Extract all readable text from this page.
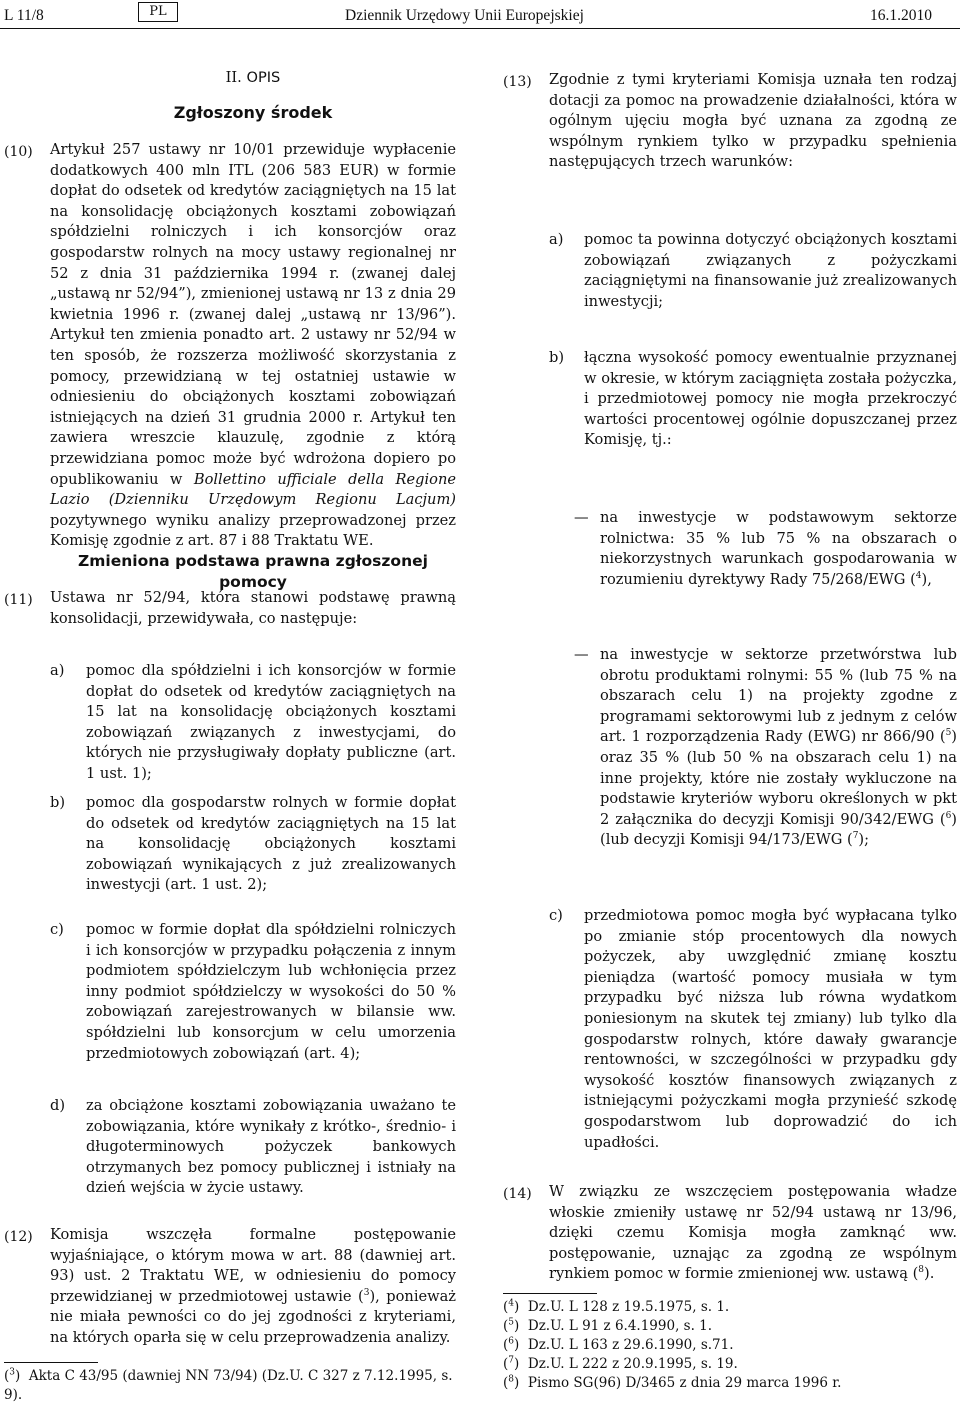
L 11/8	PL	Dziennik Urzędowy Unii Europejskiej	16.1.2010
II. OPIS
Zgłoszony środek
(10) Artykuł 257 ustawy nr 10/01 przewiduje wypłacenie dodatkowych 400 mln ITL (206 583 EUR) w formie dopłat do odsetek od kredytów zaciągniętych na 15 lat na konsolidację obciążonych kosztami zobowiązań spółdzielni rolniczych i ich konsorcjów oraz gospodarstw rolnych na mocy ustawy regionalnej nr 52 z dnia 31 października 1994 r. (zwanej dalej „ustawą nr 52/94”), zmienionej ustawą nr 13 z dnia 29 kwietnia 1996 r. (zwanej dalej „ustawą nr 13/96”). Artykuł ten zmienia ponadto art. 2 ustawy nr 52/94 w ten sposób, że rozszerza możliwość skorzystania z pomocy, przewidzianą w tej ostatniej ustawie w odniesieniu do obciążonych kosztami zobowiązań istniejących na dzień 31 grudnia 2000 r. Artykuł ten zawiera wreszcie klauzulę, zgodnie z którą przewidziana pomoc może być wdrożona dopiero po opublikowaniu w Bollettino ufficiale della Regione Lazio (Dzienniku Urzędowym Regionu Lacjum) pozytywnego wyniku analizy przeprowadzonej przez Komisję zgodnie z art. 87 i 88 Traktatu WE.
Zmieniona podstawa prawna zgłoszonej pomocy
(11) Ustawa nr 52/94, która stanowi podstawę prawną konsolidacji, przewidywała, co następuje:
a) pomoc dla spółdzielni i ich konsorcjów w formie dopłat do odsetek od kredytów zaciągniętych na 15 lat na konsolidację obciążonych kosztami zobowiązań związanych z inwestycjami, do których nie przysługiwały dopłaty publiczne (art. 1 ust. 1);
b) pomoc dla gospodarstw rolnych w formie dopłat do odsetek od kredytów zaciągniętych na 15 lat na konsolidację obciążonych kosztami zobowiązań wynikających z już zrealizowanych inwestycji (art. 1 ust. 2);
c) pomoc w formie dopłat dla spółdzielni rolniczych i ich konsorcjów w przypadku połączenia z innym podmiotem spółdzielczym lub wchłonięcia przez inny podmiot spółdzielczy w wysokości do 50 % zobowiązań zarejestrowanych w bilansie ww. spółdzielni lub konsorcjum w celu umorzenia przedmiotowych zobowiązań (art. 4);
d) za obciążone kosztami zobowiązania uważano te zobowiązania, które wynikały z krótko-, średnio- i długoterminowych pożyczek bankowych otrzymanych bez pomocy publicznej i istniały na dzień wejścia w życie ustawy.
(12) Komisja wszczęła formalne postępowanie wyjaśniające, o którym mowa w art. 88 (dawniej art. 93) ust. 2 Traktatu WE, w odniesieniu do pomocy przewidzianej w przedmiotowej ustawie ($^3$), ponieważ nie miała pewności co do jej zgodności z kryteriami, na których oparła się w celu przeprowadzenia analizy.
($^3$)  Akta C 43/95 (dawniej NN 73/94) (Dz.U. C 327 z 7.12.1995, s. 9).
(13) Zgodnie z tymi kryteriami Komisja uznała ten rodzaj dotacji za pomoc na prowadzenie działalności, która w ogólnym ujęciu mogła być uznana za zgodną ze wspólnym rynkiem tylko w przypadku spełnienia następujących trzech warunków:
a) pomoc ta powinna dotyczyć obciążonych kosztami zobowiązań związanych z pożyczkami zaciągniętymi na finansowanie już zrealizowanych inwestycji;
b) łączna wysokość pomocy ewentualnie przyznanej w okresie, w którym zaciągnięta została pożyczka, i przedmiotowej pomocy nie mogła przekroczyć wartości procentowej ogólnie dopuszczanej przez Komisję, tj.:
— na inwestycje w podstawowym sektorze rolnictwa: 35 % lub 75 % na obszarach o niekorzystnych warunkach gospodarowania w rozumieniu dyrektywy Rady 75/268/EWG ($^4$),
— na inwestycje w sektorze przetwórstwa lub obrotu produktami rolnymi: 55 % (lub 75 % na obszarach celu 1) na projekty zgodne z programami sektorowymi lub z jednym z celów art. 1 rozporządzenia Rady (EWG) nr 866/90 ($^5$) oraz 35 % (lub 50 % na obszarach celu 1) na inne projekty, które nie zostały wykluczone na podstawie kryteriów wyboru określonych w pkt 2 załącznika do decyzji Komisji 90/342/EWG ($^6$) (lub decyzji Komisji 94/173/EWG ($^7$);
c) przedmiotowa pomoc mogła być wypłacana tylko po zmianie stóp procentowych dla nowych pożyczek, aby uwzględnić zmianę kosztu pieniądza (wartość pomocy musiała w tym przypadku być niższa lub równa wydatkom poniesionym na skutek tej zmiany) lub tylko dla gospodarstw rolnych, które dawały gwarancje rentowności, w szczególności w przypadku gdy wysokość kosztów finansowych związanych z istniejącymi pożyczkami mogła przynieść szkodę gospodarstwom lub doprowadzić do ich upadłości.
(14) W związku ze wszczęciem postępowania władze włoskie zmieniły ustawę nr 52/94 ustawą nr 13/96, dzięki czemu Komisja mogła zamknąć ww. postępowanie, uznając za zgodną ze wspólnym rynkiem pomoc w formie zmienionej ww. ustawą ($^8$).
($^4$)  Dz.U. L 128 z 19.5.1975, s. 1.
($^5$)  Dz.U. L 91 z 6.4.1990, s. 1.
($^6$)  Dz.U. L 163 z 29.6.1990, s.71.
($^7$)  Dz.U. L 222 z 20.9.1995, s. 19.
($^8$)  Pismo SG(96) D/3465 z dnia 29 marca 1996 r.
